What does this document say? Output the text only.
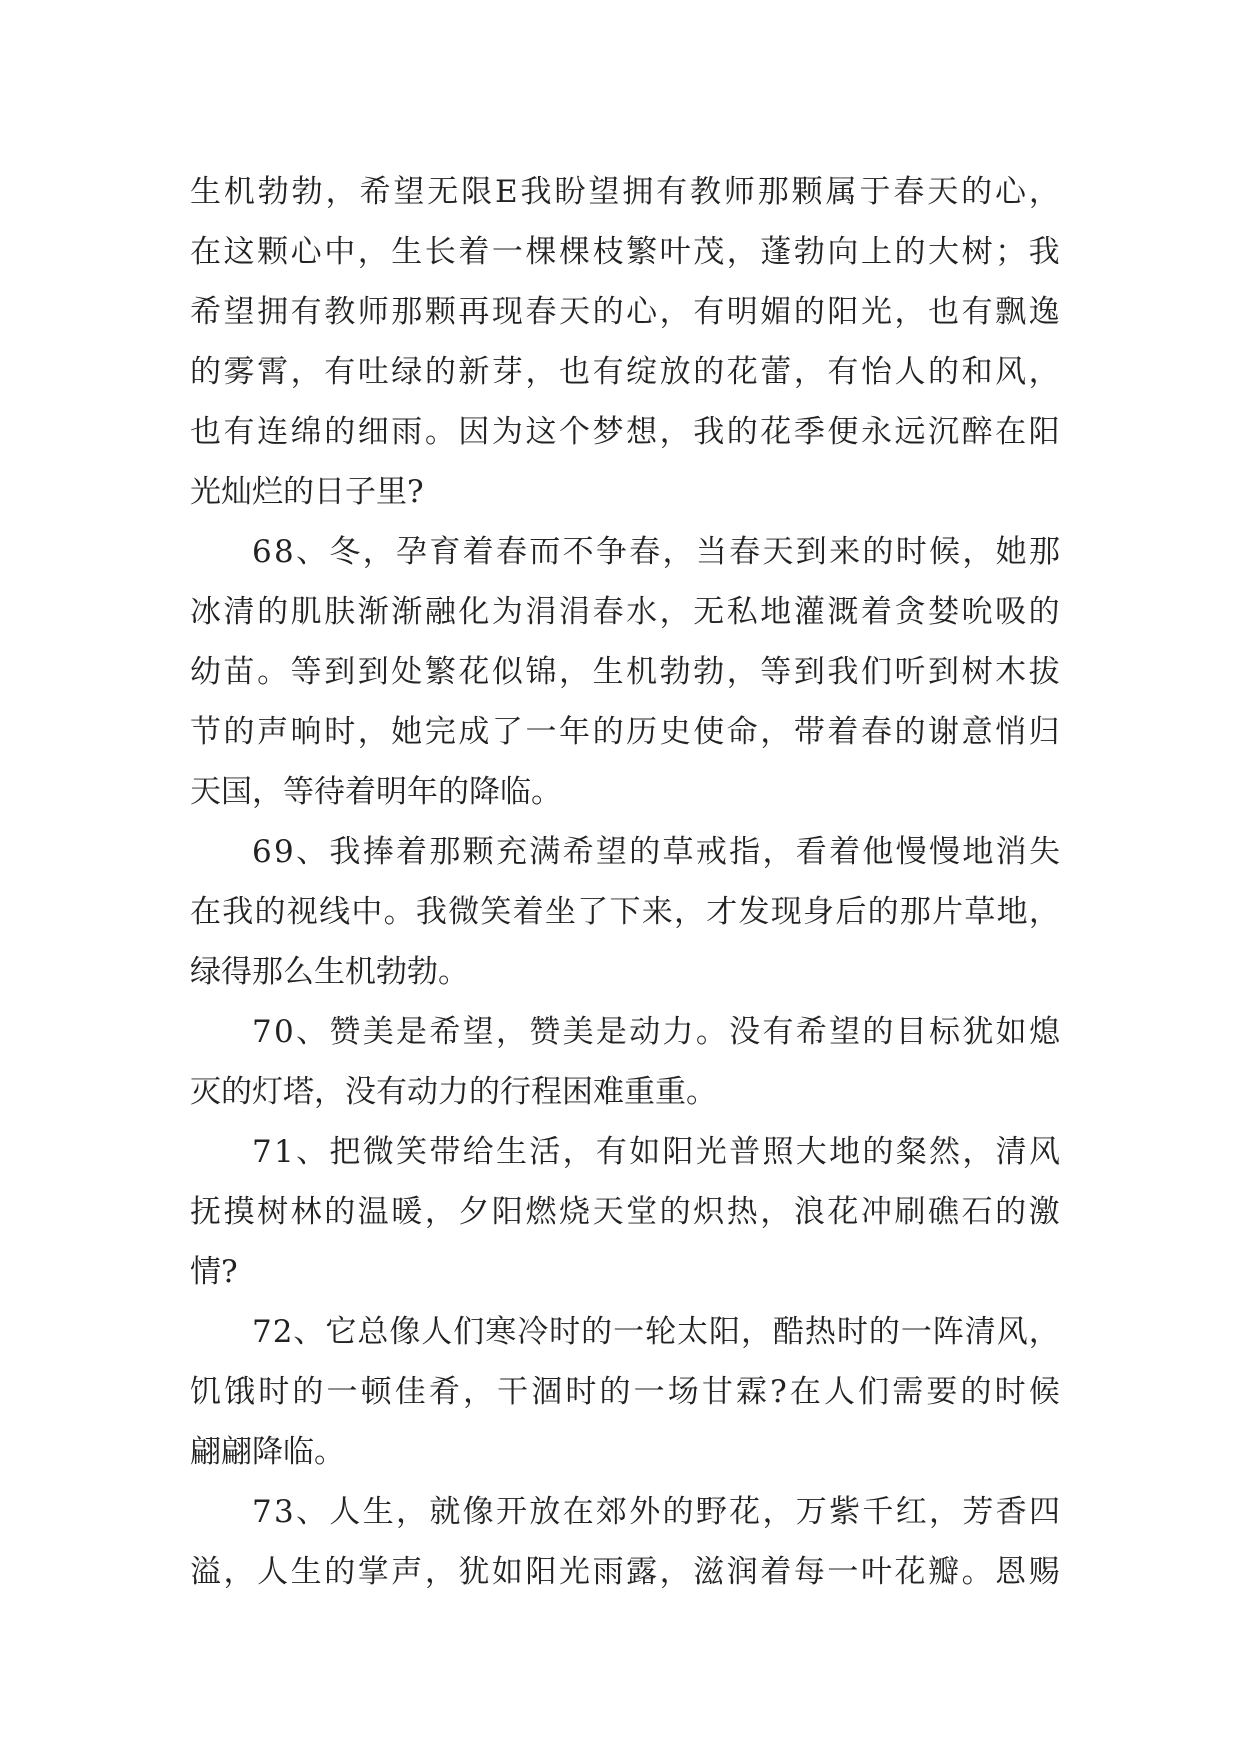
生 机 勃 勃 ， 希 望 无 限 E 我 盼 望 拥 有 教 师 那 颗 属 于 春 天 的 心 ，
在 这 颗 心 中 ， 生 长 着 一 棵 棵 枝 繁 叶 茂 ， 蓬 勃 向 上 的 大 树 ； 我
希 望 拥 有 教 师 那 颗 再 现 春 天 的 心 ， 有 明 媚 的 阳 光 ， 也 有 飘 逸
的 雾 霄 ， 有 吐 绿 的 新 芽 ， 也 有 绽 放 的 花 蕾 ， 有 怡 人 的 和 风 ，
也 有 连 绵 的 细 雨 。 因 为 这 个 梦 想 ， 我 的 花 季 便 永 远 沉 醉 在 阳
光灿烂的日子里?
6 8 、 冬 ， 孕 育 着 春 而 不 争 春 ， 当 春 天 到 来 的 时 候 ， 她 那
冰 清 的 肌 肤 渐 渐 融 化 为 涓 涓 春 水 ， 无 私 地 灌 溉 着 贪 婪 吮 吸 的
幼 苗 。 等 到 到 处 繁 花 似 锦 ， 生 机 勃 勃 ， 等 到 我 们 听 到 树 木 拔
节 的 声 晌 时 ， 她 完 成 了 一 年 的 历 史 使 命 ， 带 着 春 的 谢 意 悄 归
天国，等待着明年的降临。
6 9 、 我 捧 着 那 颗 充 满 希 望 的 草 戒 指 ， 看 着 他 慢 慢 地 消 失
在 我 的 视 线 中 。 我 微 笑 着 坐 了 下 来 ， 才 发 现 身 后 的 那 片 草 地 ，
绿得那么生机勃勃。
7 0 、 赞 美 是 希 望 ， 赞 美 是 动 力 。 没 有 希 望 的 目 标 犹 如 熄
灭的灯塔，没有动力的行程困难重重。
7 1 、 把 微 笑 带 给 生 活 ， 有 如 阳 光 普 照 大 地 的 粲 然 ， 清 风
抚 摸 树 林 的 温 暖 ， 夕 阳 燃 烧 天 堂 的 炽 热 ， 浪 花 冲 刷 礁 石 的 激
情?
7 2 、 它 总 像 人 们 寒 冷 时 的 一 轮 太 阳 ， 酷 热 时 的 一 阵 清 风 ，
饥 饿 时 的 一 顿 佳 肴 ， 干 涸 时 的 一 场 甘 霖 ? 在 人 们 需 要 的 时 候
翩翩降临。
7 3 、 人 生 ， 就 像 开 放 在 郊 外 的 野 花 ， 万 紫 千 红 ， 芳 香 四
溢 ， 人 生 的 掌 声 ， 犹 如 阳 光 雨 露 ， 滋 润 着 每 一 叶 花 瓣 。 恩 赐
